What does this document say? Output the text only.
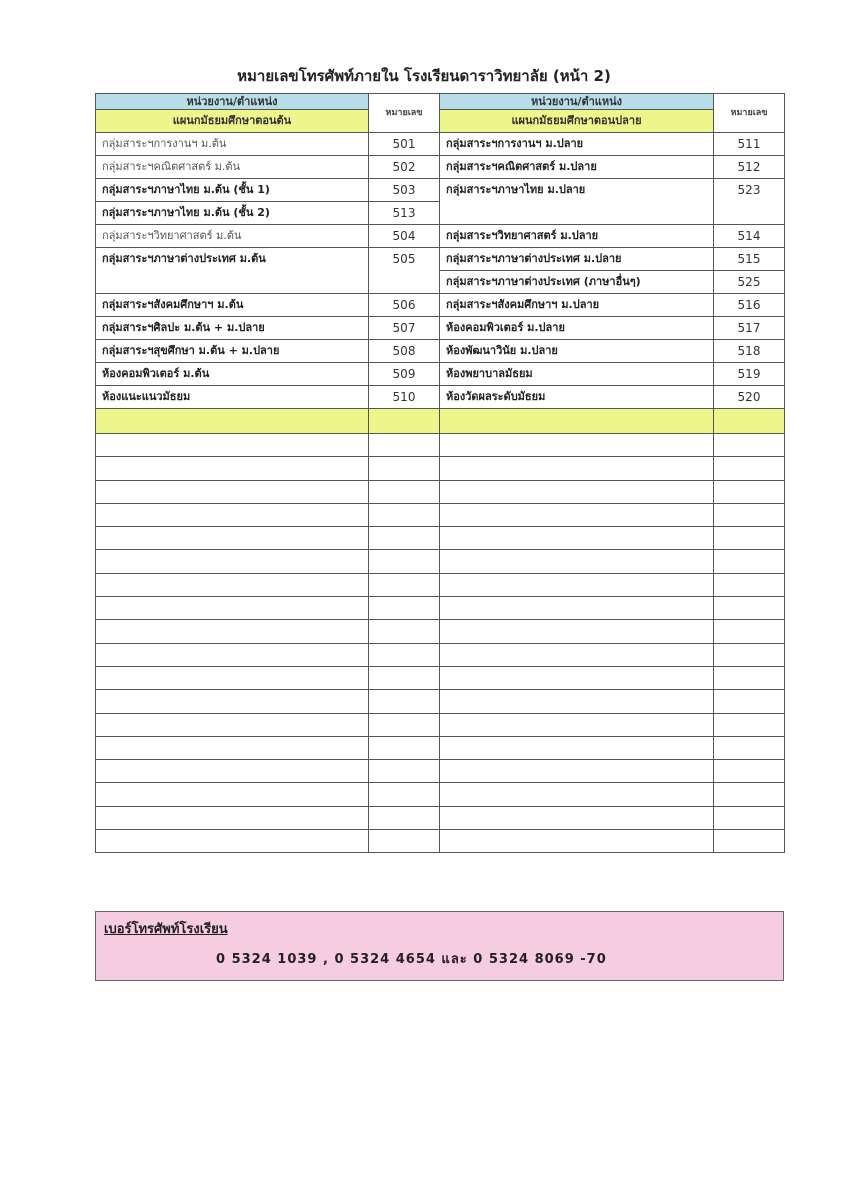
หมายเลขโทรศัพท์ภายใน โรงเรียนดาราวิทยาลัย (หน้า 2)
หน่วยงาน/ตำแหน่ง	หมายเลข	หน่วยงาน/ตำแหน่ง	หมายเลข
แผนกมัธยมศึกษาตอนต้น		แผนกมัธยมศึกษาตอนปลาย	
กลุ่มสาระฯการงานฯ ม.ต้น	501	กลุ่มสาระฯการงานฯ ม.ปลาย	511
กลุ่มสาระฯคณิตศาสตร์ ม.ต้น	502	กลุ่มสาระฯคณิตศาสตร์ ม.ปลาย	512
กลุ่มสาระฯภาษาไทย ม.ต้น (ชั้น 1)	503	กลุ่มสาระฯภาษาไทย ม.ปลาย	523
กลุ่มสาระฯภาษาไทย ม.ต้น (ชั้น 2)	513		
กลุ่มสาระฯวิทยาศาสตร์ ม.ต้น	504	กลุ่มสาระฯวิทยาศาสตร์ ม.ปลาย	514
กลุ่มสาระฯภาษาต่างประเทศ ม.ต้น	505	กลุ่มสาระฯภาษาต่างประเทศ ม.ปลาย	515
		กลุ่มสาระฯภาษาต่างประเทศ (ภาษาอื่นๆ)	525
กลุ่มสาระฯสังคมศึกษาฯ ม.ต้น	506	กลุ่มสาระฯสังคมศึกษาฯ ม.ปลาย	516
กลุ่มสาระฯศิลปะ ม.ต้น + ม.ปลาย	507	ห้องคอมพิวเตอร์ ม.ปลาย	517
กลุ่มสาระฯสุขศึกษา ม.ต้น + ม.ปลาย	508	ห้องพัฒนาวินัย ม.ปลาย	518
ห้องคอมพิวเตอร์ ม.ต้น	509	ห้องพยาบาลมัธยม	519
ห้องแนะแนวมัธยม	510	ห้องวัดผลระดับมัธยม	520

เบอร์โทรศัพท์โรงเรียน
0 5324 1039 , 0 5324 4654 และ 0 5324 8069 -70
